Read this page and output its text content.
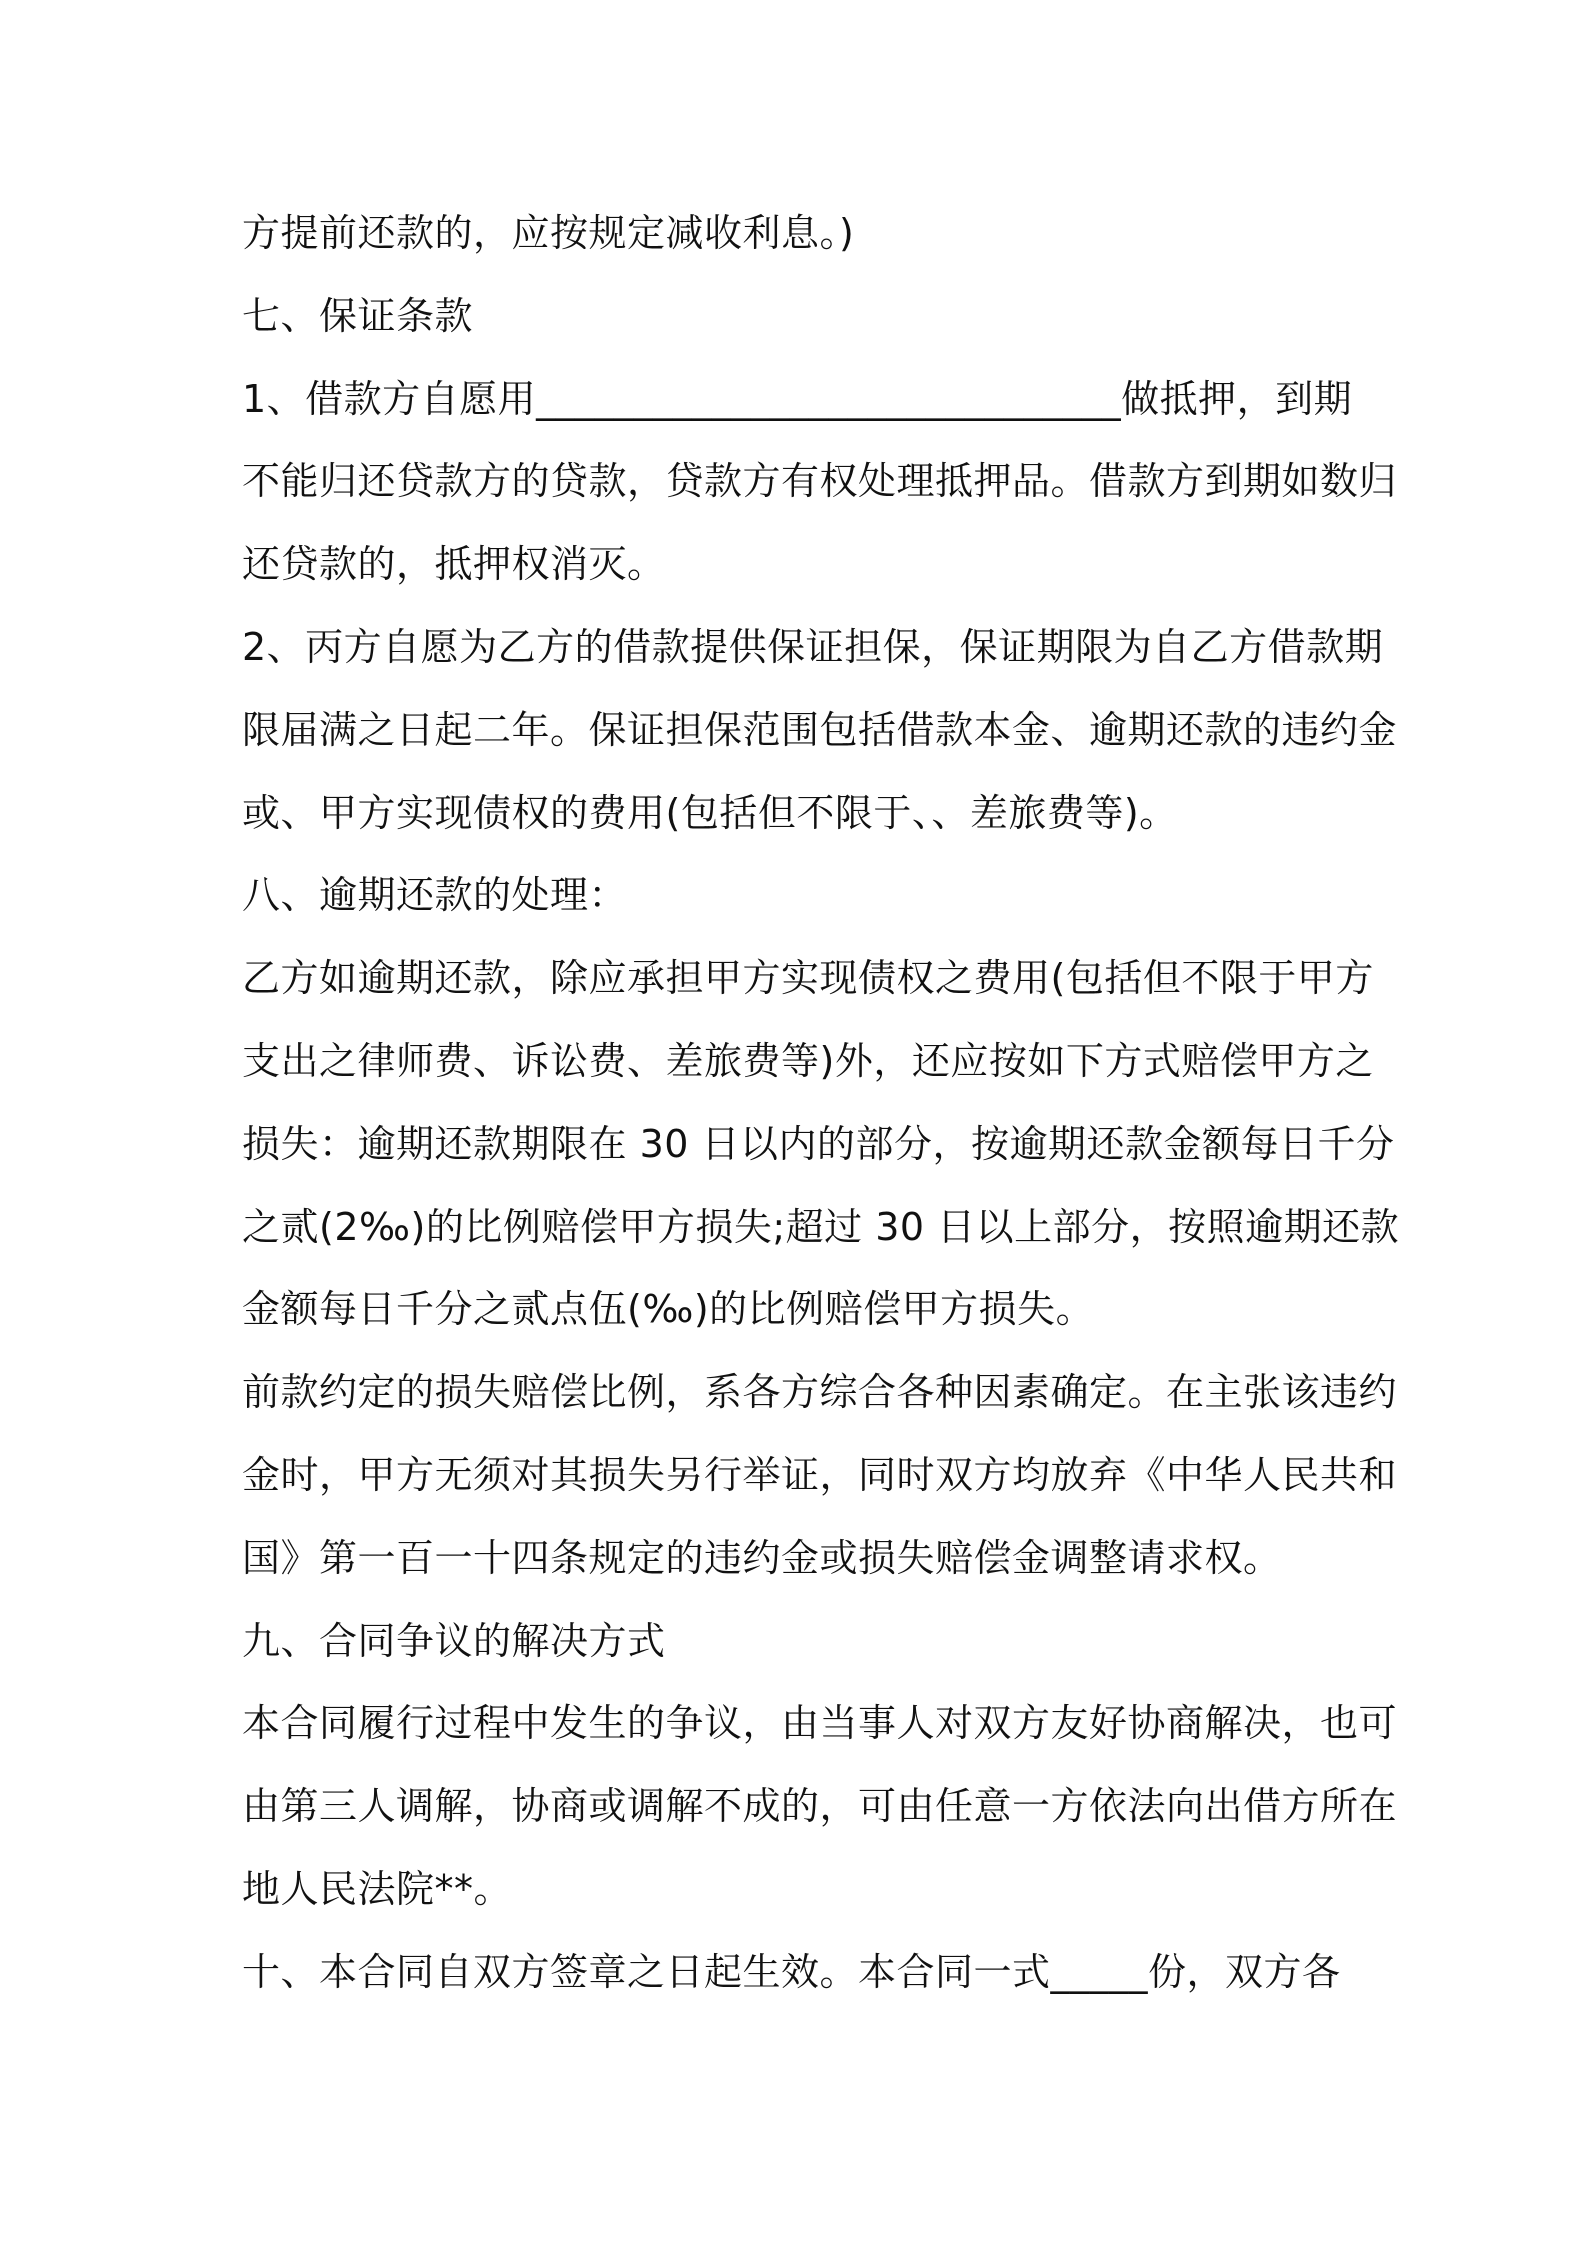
方提前还款的，应按规定减收利息。)
七、保证条款
1、借款方自愿用______________________________做抵押，到期
不能归还贷款方的贷款，贷款方有权处理抵押品。借款方到期如数归
还贷款的，抵押权消灭。
2、丙方自愿为乙方的借款提供保证担保，保证期限为自乙方借款期
限届满之日起二年。保证担保范围包括借款本金、逾期还款的违约金
或、甲方实现债权的费用(包括但不限于、、差旅费等)。
八、逾期还款的处理：
乙方如逾期还款，除应承担甲方实现债权之费用(包括但不限于甲方
支出之律师费、诉讼费、差旅费等)外，还应按如下方式赔偿甲方之
损失：逾期还款期限在 30 日以内的部分，按逾期还款金额每日千分
之贰(2‰)的比例赔偿甲方损失;超过 30 日以上部分，按照逾期还款
金额每日千分之贰点伍(‰)的比例赔偿甲方损失。
前款约定的损失赔偿比例，系各方综合各种因素确定。在主张该违约
金时，甲方无须对其损失另行举证，同时双方均放弃《中华人民共和
国》第一百一十四条规定的违约金或损失赔偿金调整请求权。
九、合同争议的解决方式
本合同履行过程中发生的争议，由当事人对双方友好协商解决，也可
由第三人调解，协商或调解不成的，可由任意一方依法向出借方所在
地人民法院**。
十、本合同自双方签章之日起生效。本合同一式_____份，双方各
